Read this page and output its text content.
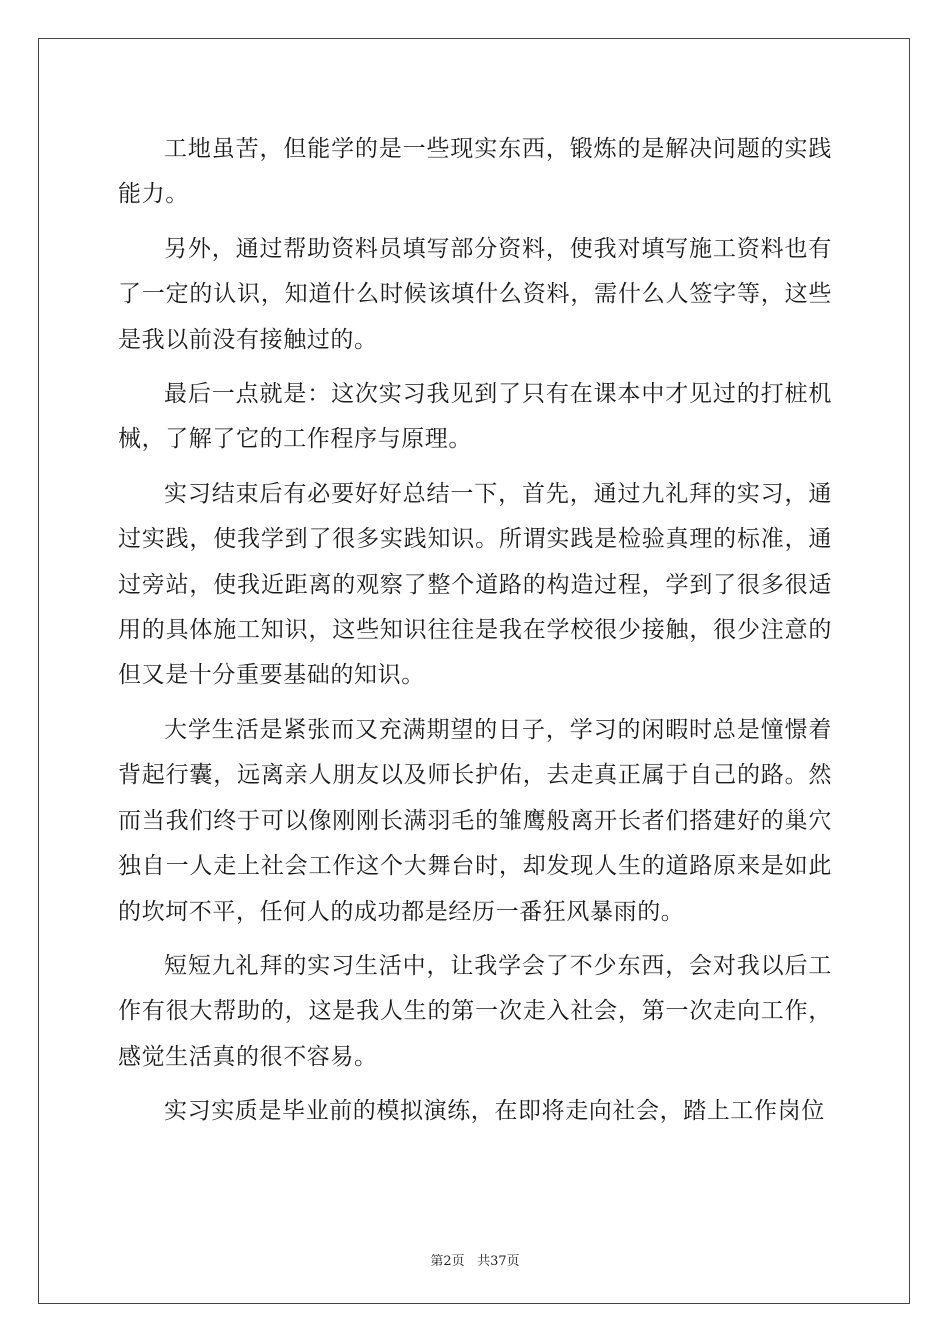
工地虽苦，但能学的是一些现实东西，锻炼的是解决问题的实践能力。

另外，通过帮助资料员填写部分资料，使我对填写施工资料也有了一定的认识，知道什么时候该填什么资料，需什么人签字等，这些是我以前没有接触过的。

最后一点就是：这次实习我见到了只有在课本中才见过的打桩机械，了解了它的工作程序与原理。

实习结束后有必要好好总结一下，首先，通过九礼拜的实习，通过实践，使我学到了很多实践知识。所谓实践是检验真理的标准，通过旁站，使我近距离的观察了整个道路的构造过程，学到了很多很适用的具体施工知识，这些知识往往是我在学校很少接触，很少注意的但又是十分重要基础的知识。

大学生活是紧张而又充满期望的日子，学习的闲暇时总是憧憬着背起行囊，远离亲人朋友以及师长护佑，去走真正属于自己的路。然而当我们终于可以像刚刚长满羽毛的雏鹰般离开长者们搭建好的巢穴独自一人走上社会工作这个大舞台时，却发现人生的道路原来是如此的坎坷不平，任何人的成功都是经历一番狂风暴雨的。

短短九礼拜的实习生活中，让我学会了不少东西，会对我以后工作有很大帮助的，这是我人生的第一次走入社会，第一次走向工作，感觉生活真的很不容易。

实习实质是毕业前的模拟演练，在即将走向社会，踏上工作岗位

第2页 共37页
